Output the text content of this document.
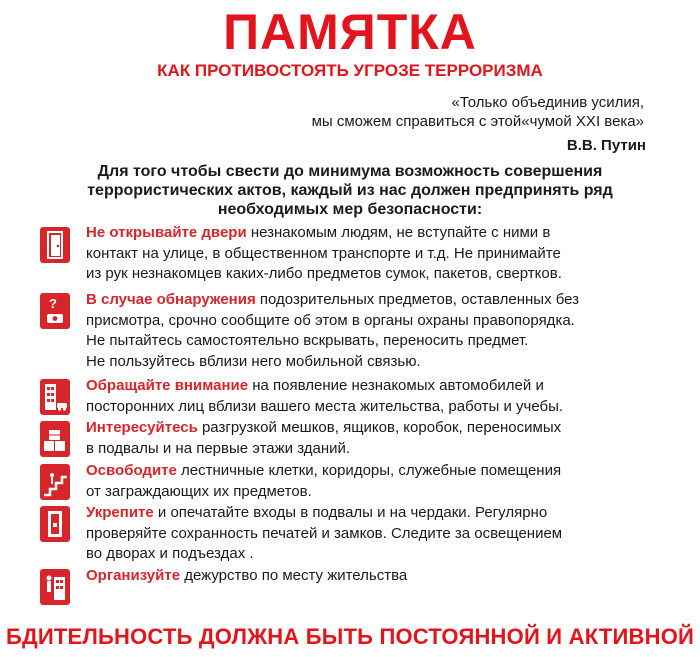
ПАМЯТКА
КАК ПРОТИВОСТОЯТЬ УГРОЗЕ ТЕРРОРИЗМА
«Только объединив усилия,
мы сможем справиться с этой«чумой XXI века»
В.В. Путин
Для того чтобы свести до минимума возможность совершения
террористических актов, каждый из нас должен предпринять ряд
необходимых мер безопасности:
Не открывайте двери незнакомым людям, не вступайте с ними в
контакт на улице, в общественном транспорте и т.д. Не принимайте
из рук незнакомцев каких-либо предметов сумок, пакетов, свертков.
? В случае обнаружения подозрительных предметов, оставленных без
присмотра, срочно сообщите об этом в органы охраны правопорядка.
Не пытайтесь самостоятельно вскрывать, переносить предмет.
Не пользуйтесь вблизи него мобильной связью.
Обращайте внимание на появление незнакомых автомобилей и
посторонних лиц вблизи вашего места жительства, работы и учебы.
Интересуйтесь разгрузкой мешков, ящиков, коробок, переносимых
в подвалы и на первые этажи зданий.
Освободите лестничные клетки, коридоры, служебные помещения
от заграждающих их предметов.
Укрепите и опечатайте входы в подвалы и на чердаки. Регулярно
проверяйте сохранность печатей и замков. Следите за освещением
во дворах и подъездах .
Организуйте дежурство по месту жительства
БДИТЕЛЬНОСТЬ ДОЛЖНА БЫТЬ ПОСТОЯННОЙ И АКТИВНОЙ
